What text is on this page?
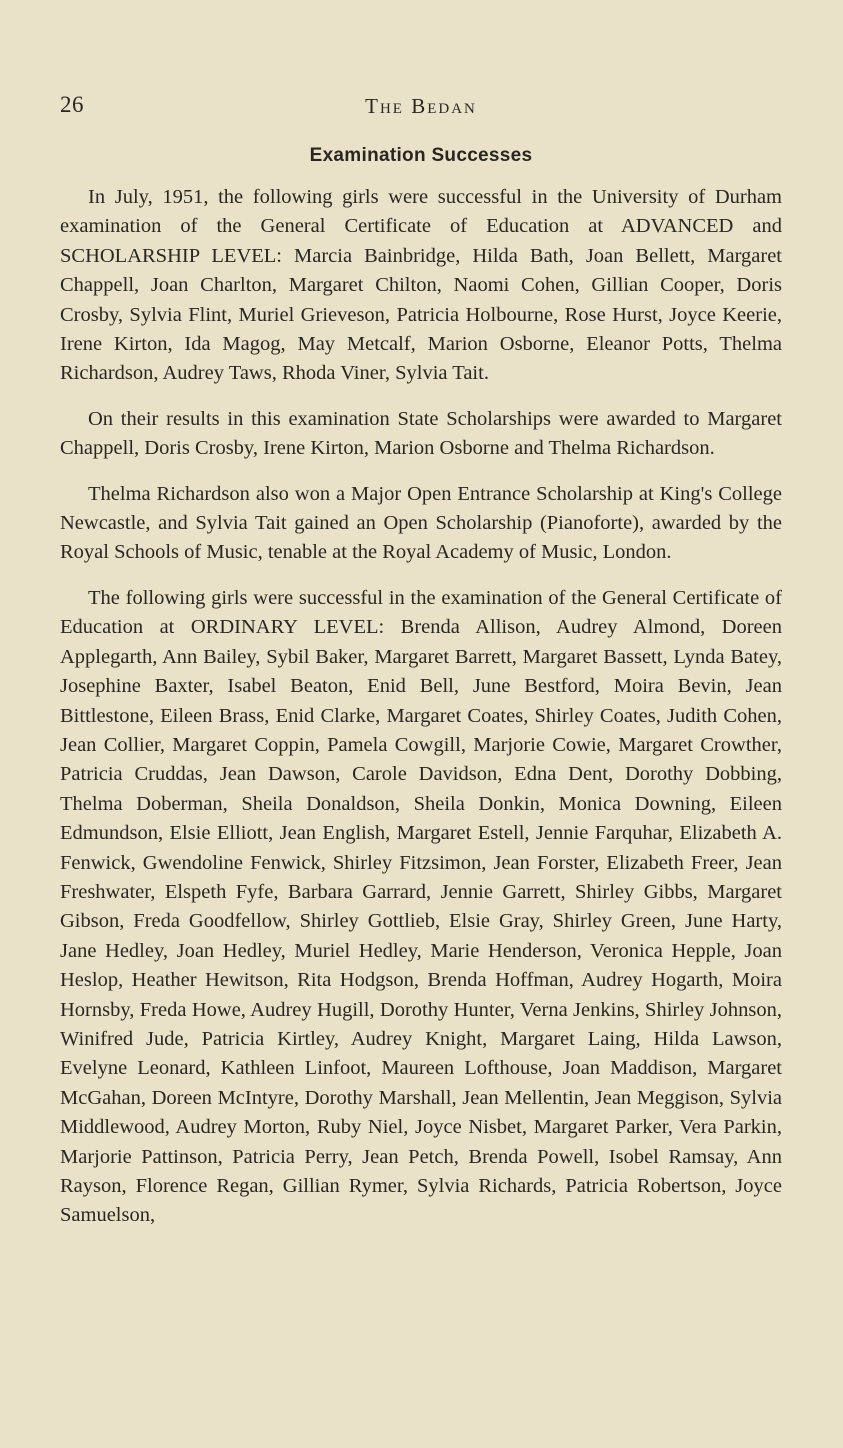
26	The Bedan
Examination Successes

In July, 1951, the following girls were successful in the University of Durham examination of the General Certificate of Education at ADVANCED and SCHOLARSHIP LEVEL: Marcia Bainbridge, Hilda Bath, Joan Bellett, Margaret Chappell, Joan Charlton, Margaret Chilton, Naomi Cohen, Gillian Cooper, Doris Crosby, Sylvia Flint, Muriel Grieveson, Patricia Holbourne, Rose Hurst, Joyce Keerie, Irene Kirton, Ida Magog, May Metcalf, Marion Osborne, Eleanor Potts, Thelma Richardson, Audrey Taws, Rhoda Viner, Sylvia Tait.

On their results in this examination State Scholarships were awarded to Margaret Chappell, Doris Crosby, Irene Kirton, Marion Osborne and Thelma Richardson.

Thelma Richardson also won a Major Open Entrance Scholarship at King's College Newcastle, and Sylvia Tait gained an Open Scholarship (Pianoforte), awarded by the Royal Schools of Music, tenable at the Royal Academy of Music, London.

The following girls were successful in the examination of the General Certificate of Education at ORDINARY LEVEL: Brenda Allison, Audrey Almond, Doreen Applegarth, Ann Bailey, Sybil Baker, Margaret Barrett, Margaret Bassett, Lynda Batey, Josephine Baxter, Isabel Beaton, Enid Bell, June Bestford, Moira Bevin, Jean Bittlestone, Eileen Brass, Enid Clarke, Margaret Coates, Shirley Coates, Judith Cohen, Jean Collier, Margaret Coppin, Pamela Cowgill, Marjorie Cowie, Margaret Crowther, Patricia Cruddas, Jean Dawson, Carole Davidson, Edna Dent, Dorothy Dobbing, Thelma Doberman, Sheila Donaldson, Sheila Donkin, Monica Downing, Eileen Edmundson, Elsie Elliott, Jean English, Margaret Estell, Jennie Farquhar, Elizabeth A. Fenwick, Gwendoline Fenwick, Shirley Fitzsimon, Jean Forster, Elizabeth Freer, Jean Freshwater, Elspeth Fyfe, Barbara Garrard, Jennie Garrett, Shirley Gibbs, Margaret Gibson, Freda Goodfellow, Shirley Gottlieb, Elsie Gray, Shirley Green, June Harty, Jane Hedley, Joan Hedley, Muriel Hedley, Marie Henderson, Veronica Hepple, Joan Heslop, Heather Hewitson, Rita Hodgson, Brenda Hoffman, Audrey Hogarth, Moira Hornsby, Freda Howe, Audrey Hugill, Dorothy Hunter, Verna Jenkins, Shirley Johnson, Winifred Jude, Patricia Kirtley, Audrey Knight, Margaret Laing, Hilda Lawson, Evelyne Leonard, Kathleen Linfoot, Maureen Lofthouse, Joan Maddison, Margaret McGahan, Doreen McIntyre, Dorothy Marshall, Jean Mellentin, Jean Meggison, Sylvia Middlewood, Audrey Morton, Ruby Niel, Joyce Nisbet, Margaret Parker, Vera Parkin, Marjorie Pattinson, Patricia Perry, Jean Petch, Brenda Powell, Isobel Ramsay, Ann Rayson, Florence Regan, Gillian Rymer, Sylvia Richards, Patricia Robertson, Joyce Samuelson,
